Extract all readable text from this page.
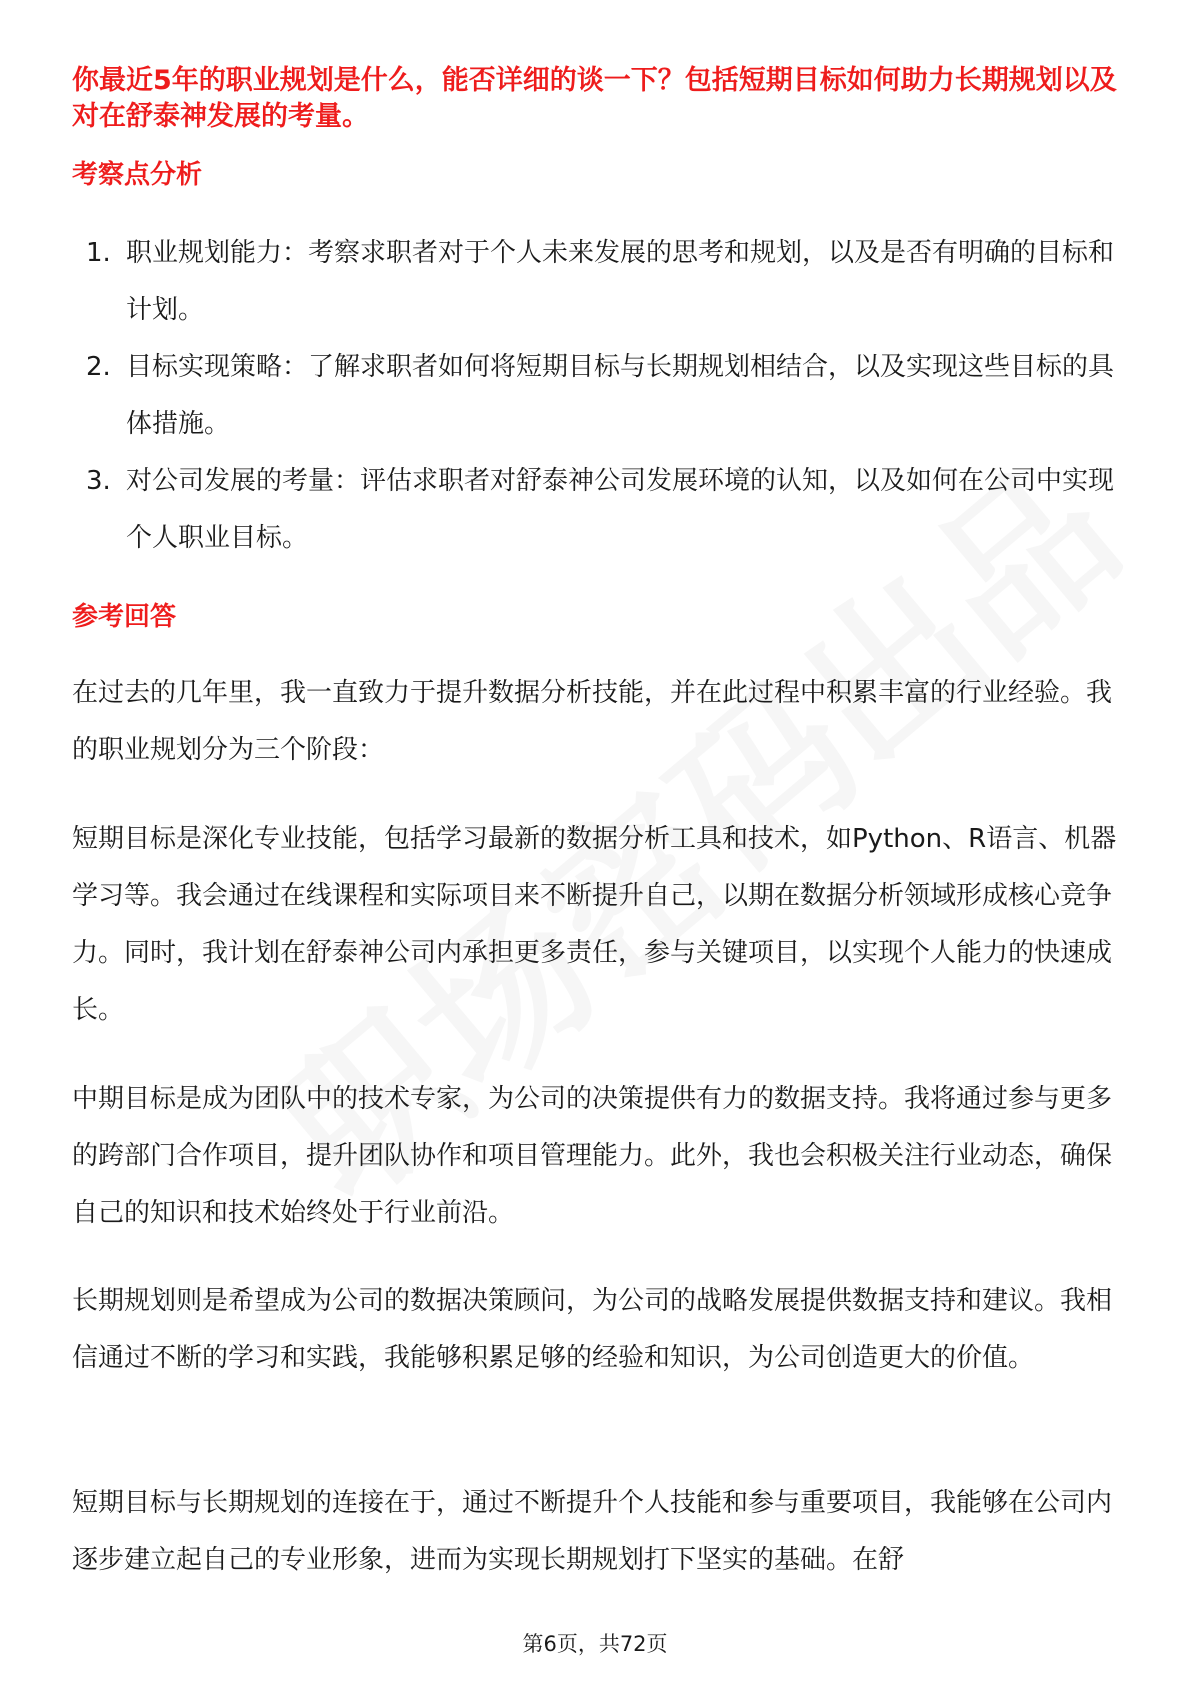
你最近5年的职业规划是什么，能否详细的谈一下？包括短期目标如何助力长期规划以及对在舒泰神发展的考量。

考察点分析
1. 职业规划能力：考察求职者对于个人未来发展的思考和规划，以及是否有明确的目标和计划。
2. 目标实现策略：了解求职者如何将短期目标与长期规划相结合，以及实现这些目标的具体措施。
3. 对公司发展的考量：评估求职者对舒泰神公司发展环境的认知，以及如何在公司中实现个人职业目标。
参考回答

在过去的几年里，我一直致力于提升数据分析技能，并在此过程中积累丰富的行业经验。我的职业规划分为三个阶段：

短期目标是深化专业技能，包括学习最新的数据分析工具和技术，如Python、R语言、机器学习等。我会通过在线课程和实际项目来不断提升自己，以期在数据分析领域形成核心竞争力。同时，我计划在舒泰神公司内承担更多责任，参与关键项目，以实现个人能力的快速成长。

中期目标是成为团队中的技术专家，为公司的决策提供有力的数据支持。我将通过参与更多的跨部门合作项目，提升团队协作和项目管理能力。此外，我也会积极关注行业动态，确保自己的知识和技术始终处于行业前沿。

长期规划则是希望成为公司的数据决策顾问，为公司的战略发展提供数据支持和建议。我相信通过不断的学习和实践，我能够积累足够的经验和知识，为公司创造更大的价值。

短期目标与长期规划的连接在于，通过不断提升个人技能和参与重要项目，我能够在公司内逐步建立起自己的专业形象，进而为实现长期规划打下坚实的基础。在舒

第6页，共72页
